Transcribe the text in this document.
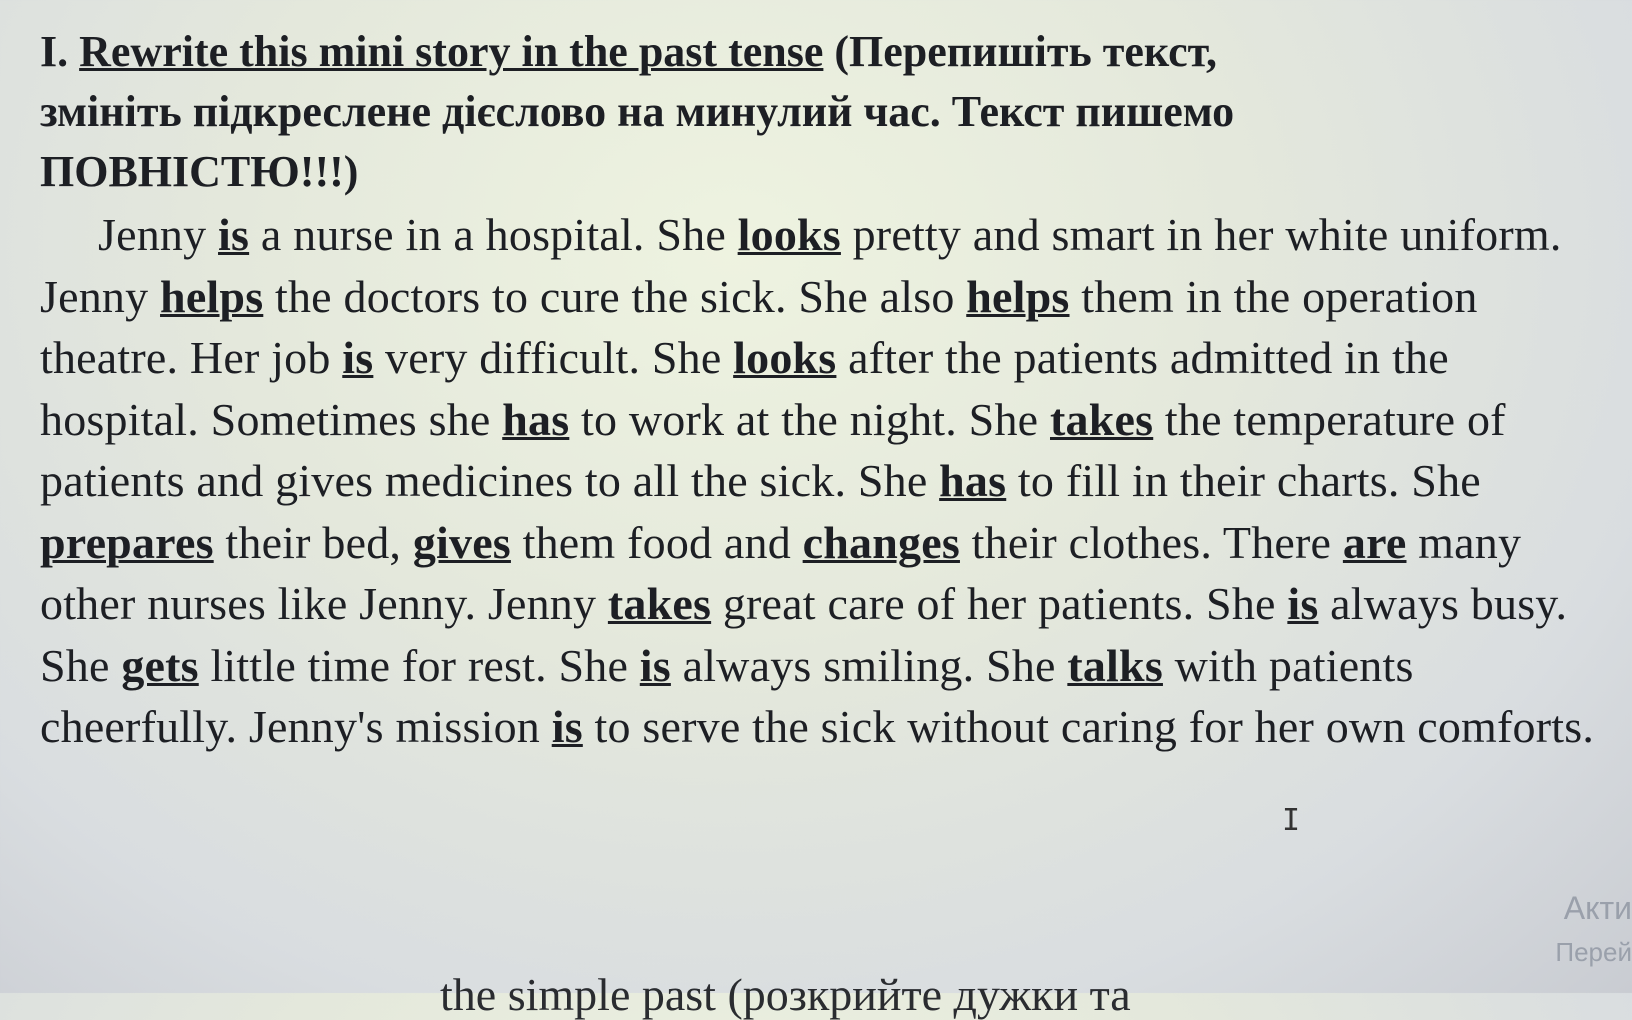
I. Rewrite this mini story in the past tense (Перепишіть текст,
змініть підкреслене дієслово на минулий час. Текст пишемо
ПОВНІСТЮ!!!)

Jenny is a nurse in a hospital. She looks pretty and smart in her white uniform. Jenny helps the doctors to cure the sick. She also helps them in the operation theatre. Her job is very difficult. She looks after the patients admitted in the hospital. Sometimes she has to work at the night. She takes the temperature of patients and gives medicines to all the sick. She has to fill in their charts. She prepares their bed, gives them food and changes their clothes. There are many other nurses like Jenny. Jenny takes great care of her patients. She is always busy. She gets little time for rest. She is always smiling. She talks with patients cheerfully. Jenny's mission is to serve the sick without caring for her own comforts.

I
Акти
Перей
the simple past (розкрийте дужки та
